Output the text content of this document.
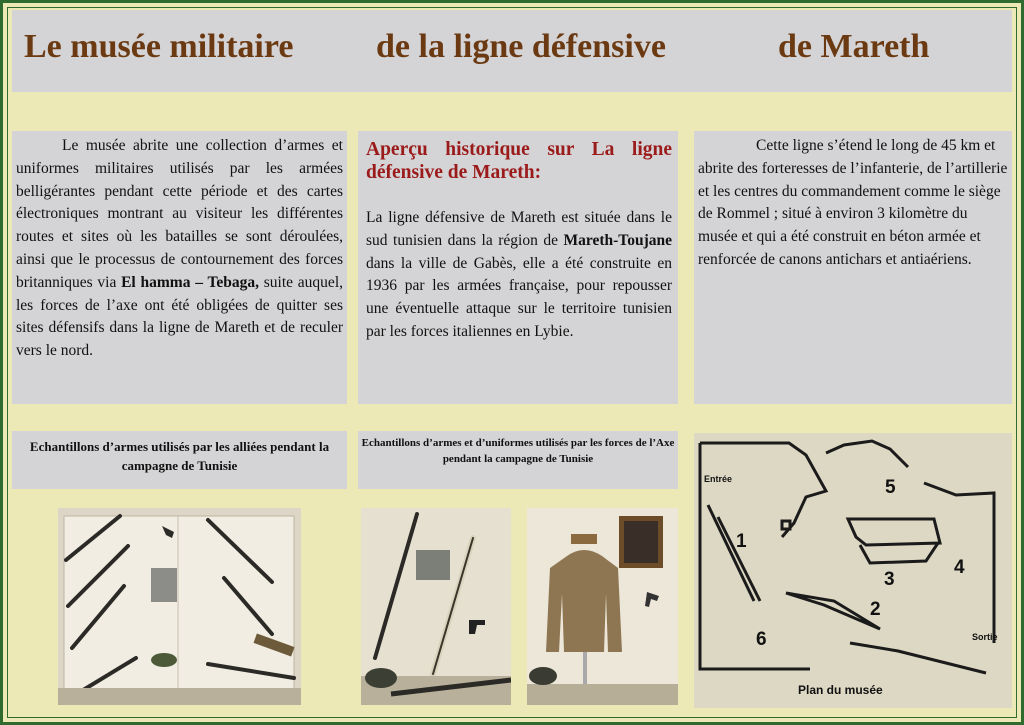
Le musée militaire de la ligne défensive	de Mareth
Le musée abrite une collection d’armes et uniformes militaires utilisés par les armées belligérantes pendant cette période et des cartes électroniques montrant au visiteur les différentes routes et sites où les batailles se sont déroulées, ainsi que le processus de contournement des forces britanniques via El hamma – Tebaga, suite auquel, les forces de l’axe ont été obligées de quitter ses sites défensifs dans la ligne de Mareth et de reculer vers le nord.
Aperçu historique sur La ligne défensive de Mareth:
La ligne défensive de Mareth est située dans le sud tunisien dans la région de Mareth-Toujane dans la ville de Gabès, elle a été construite en 1936 par les armées française, pour repousser une éventuelle attaque sur le territoire tunisien par les forces italiennes en Lybie.
Cette ligne s’étend le long de 45 km et abrite des forteresses de l’infanterie, de l’artillerie et les centres du commandement comme le siège de Rommel ; situé à environ 3 kilomètre du musée et qui a été construit en béton armée et renforcée de canons antichars et antiaériens.
Echantillons d’armes utilisés par les alliées pendant la campagne de Tunisie
Echantillons d’armes et d’uniformes utilisés par les forces de l’Axe pendant la campagne de Tunisie
Entrée
Sortie
1
2
3
4
5
6
Plan du musée
